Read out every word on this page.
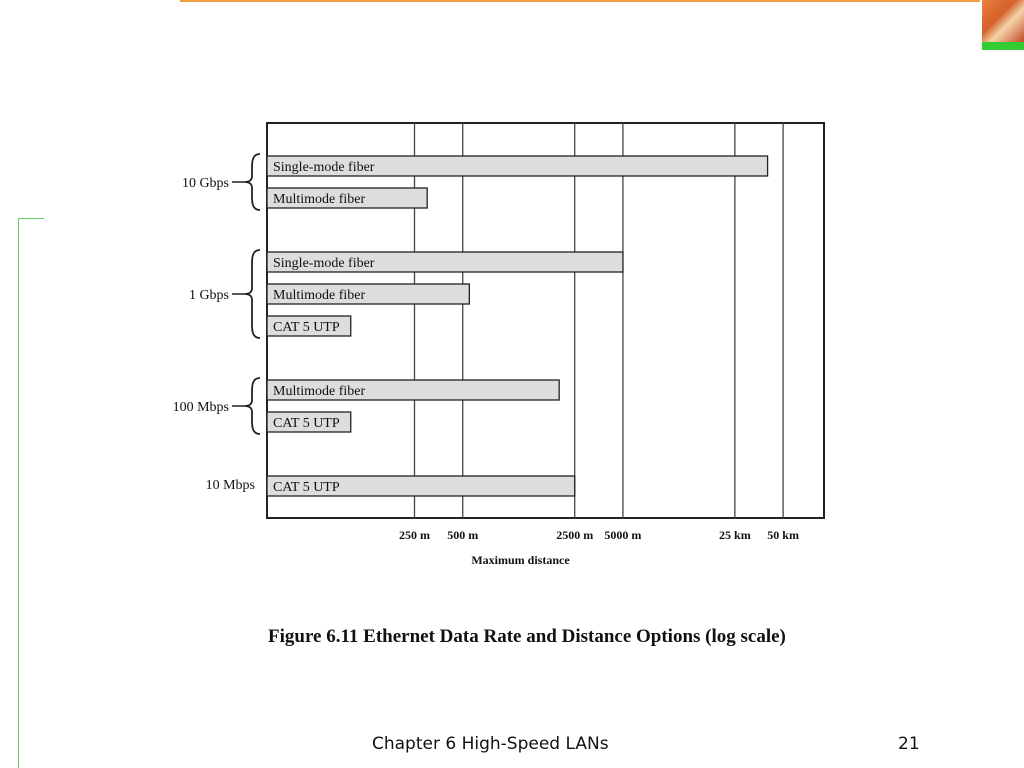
250 m 500 m	2500 m 5000 m	25 km 50 km
Maximum distance
Single-mode fiber
Multimode fiber
10 Gbps
Single-mode fiber
Multimode fiber
CAT 5 UTP
1 Gbps
Multimode fiber
CAT 5 UTP
100 Mbps
CAT 5 UTP
10 Mbps
Figure 6.11 Ethernet Data Rate and Distance Options (log scale)
Chapter 6 High-Speed LANs	21
